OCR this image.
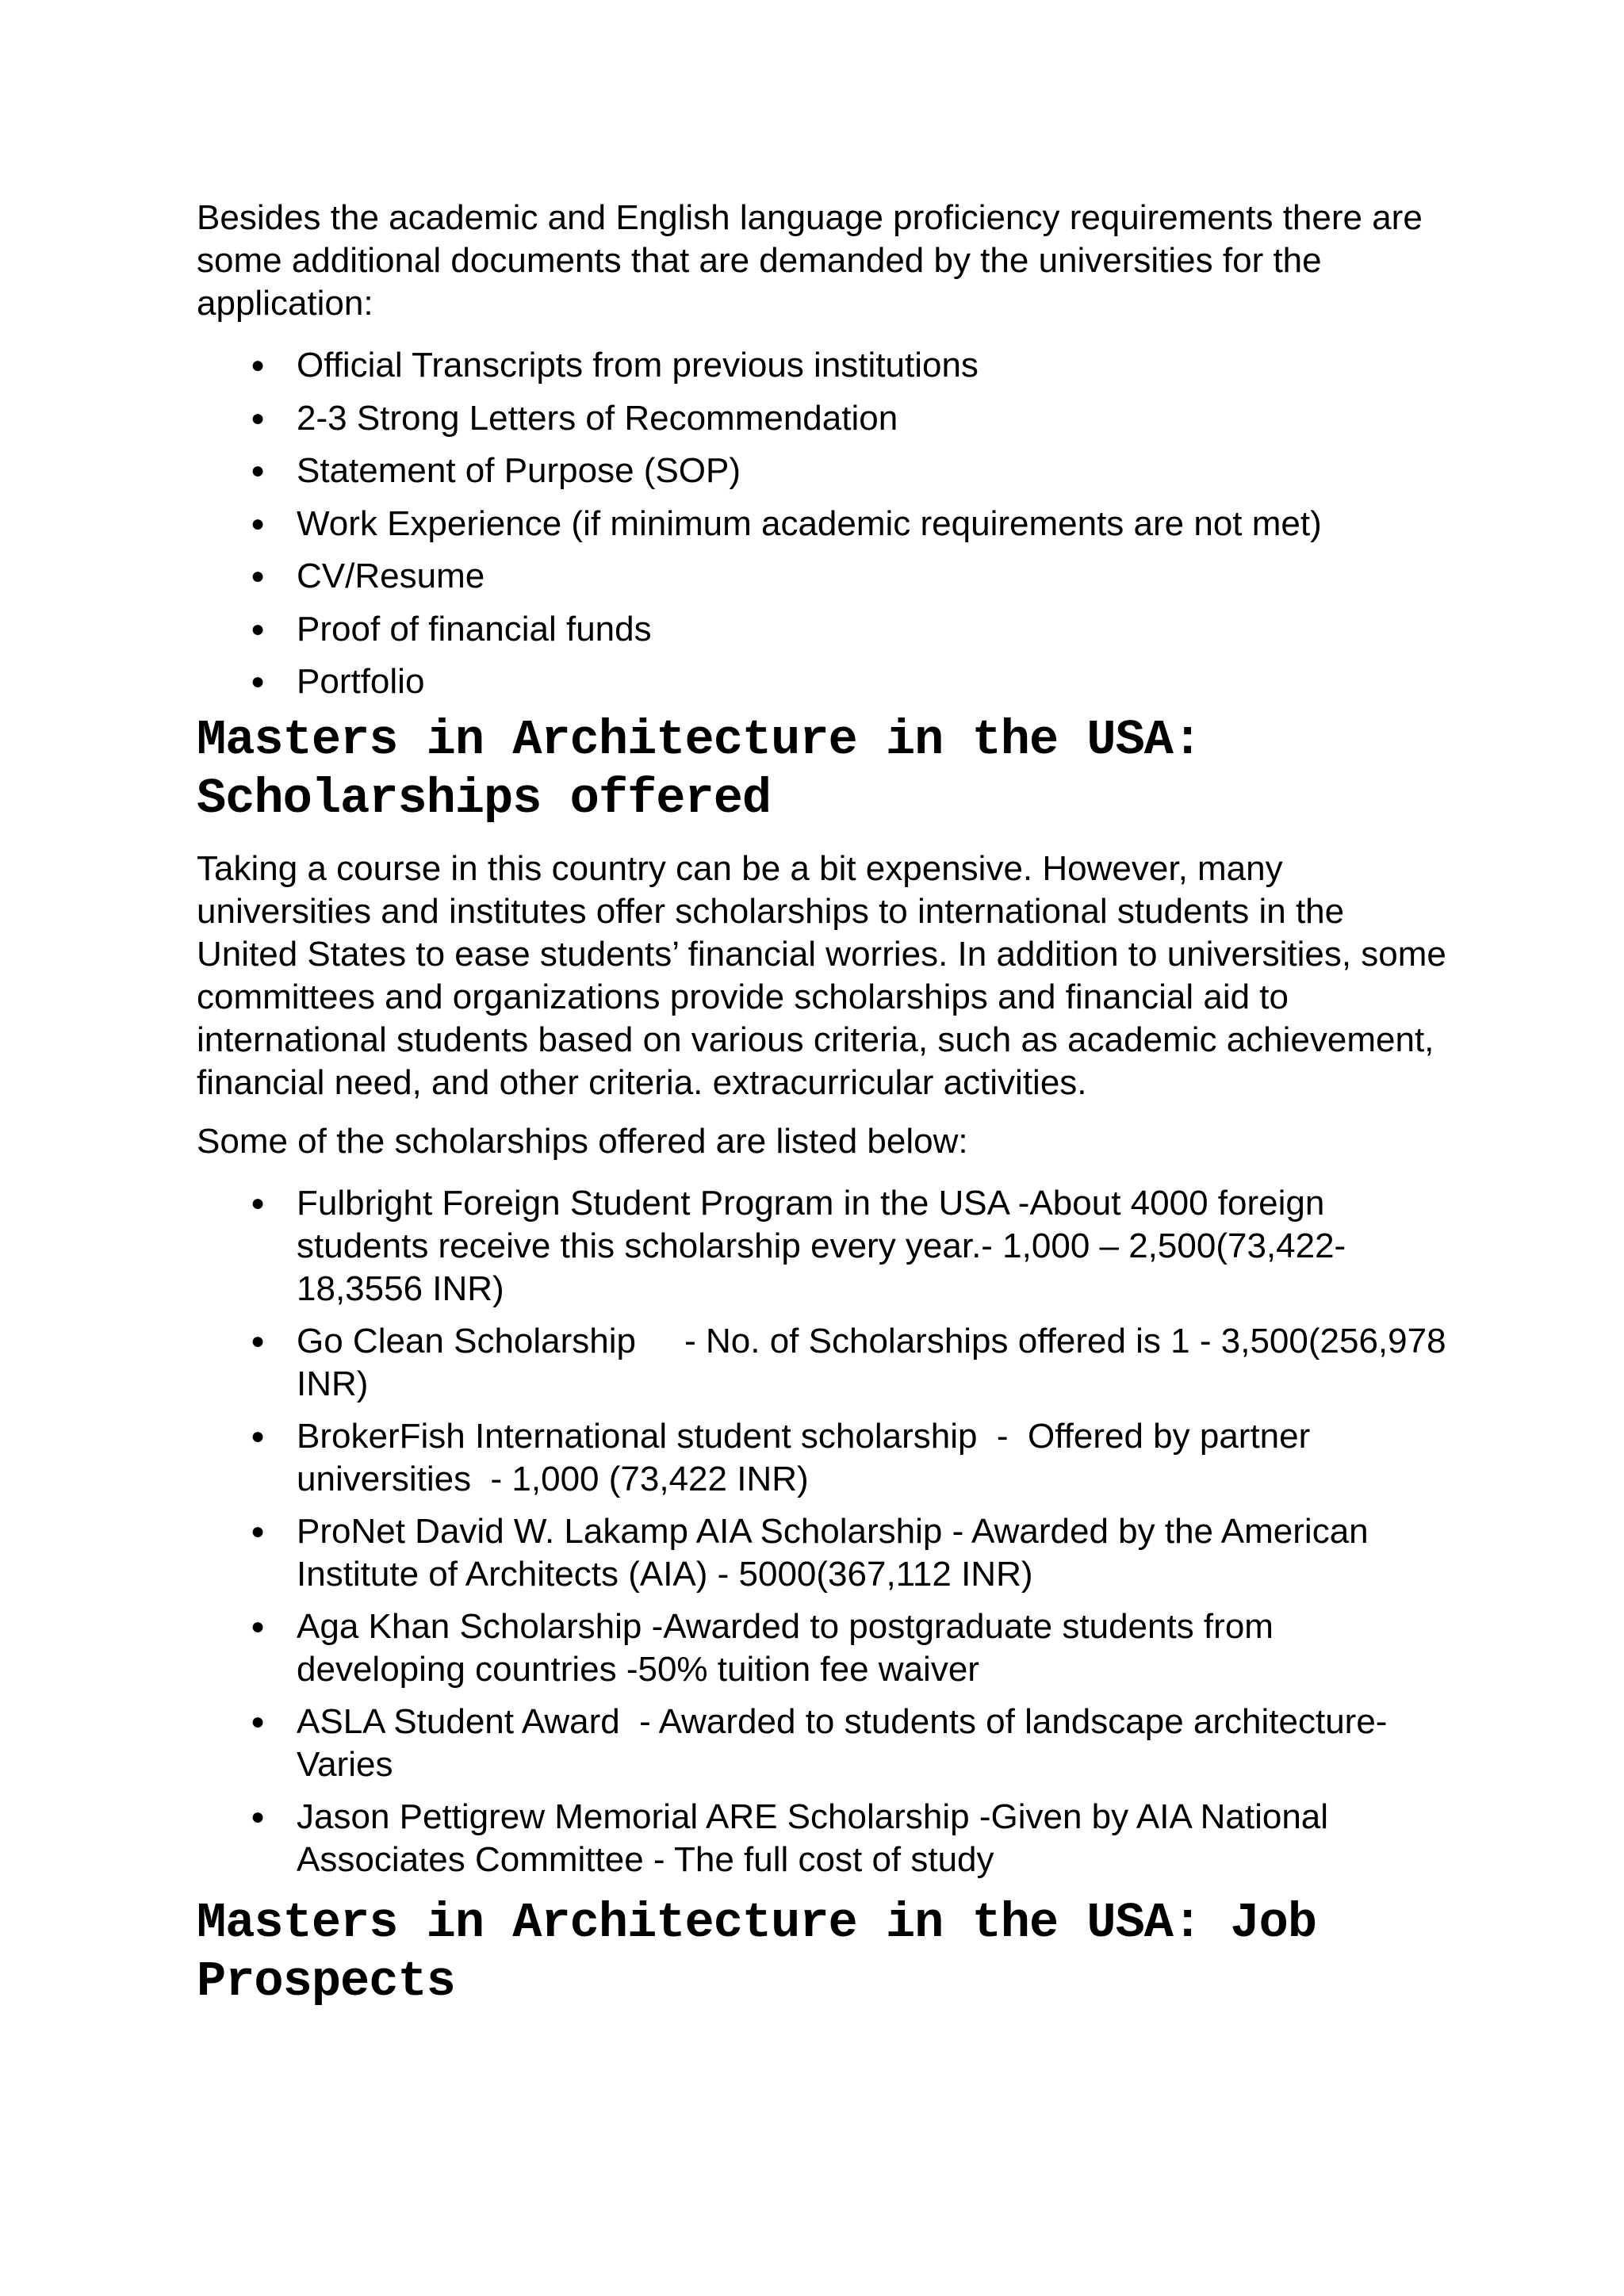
Besides the academic and English language proficiency requirements there are some additional documents that are demanded by the universities for the application:

● Official Transcripts from previous institutions
● 2-3 Strong Letters of Recommendation
● Statement of Purpose (SOP)
● Work Experience (if minimum academic requirements are not met)
● CV/Resume
● Proof of financial funds
● Portfolio
Masters in Architecture in the USA: Scholarships offered

Taking a course in this country can be a bit expensive. However, many universities and institutes offer scholarships to international students in the United States to ease students’ financial worries. In addition to universities, some committees and organizations provide scholarships and financial aid to international students based on various criteria, such as academic achievement, financial need, and other criteria. extracurricular activities.

Some of the scholarships offered are listed below:

● Fulbright Foreign Student Program in the USA -About 4000 foreign students receive this scholarship every year.- 1,000 – 2,500(73,422-18,3556 INR)
● Go Clean Scholarship     - No. of Scholarships offered is 1 - 3,500(256,978 INR)
● BrokerFish International student scholarship  -  Offered by partner universities  - 1,000 (73,422 INR)
● ProNet David W. Lakamp AIA Scholarship - Awarded by the American Institute of Architects (AIA) - 5000(367,112 INR)
● Aga Khan Scholarship -Awarded to postgraduate students from developing countries -50% tuition fee waiver
● ASLA Student Award  - Awarded to students of landscape architecture-Varies
● Jason Pettigrew Memorial ARE Scholarship -Given by AIA National Associates Committee - The full cost of study
Masters in Architecture in the USA: Job Prospects
